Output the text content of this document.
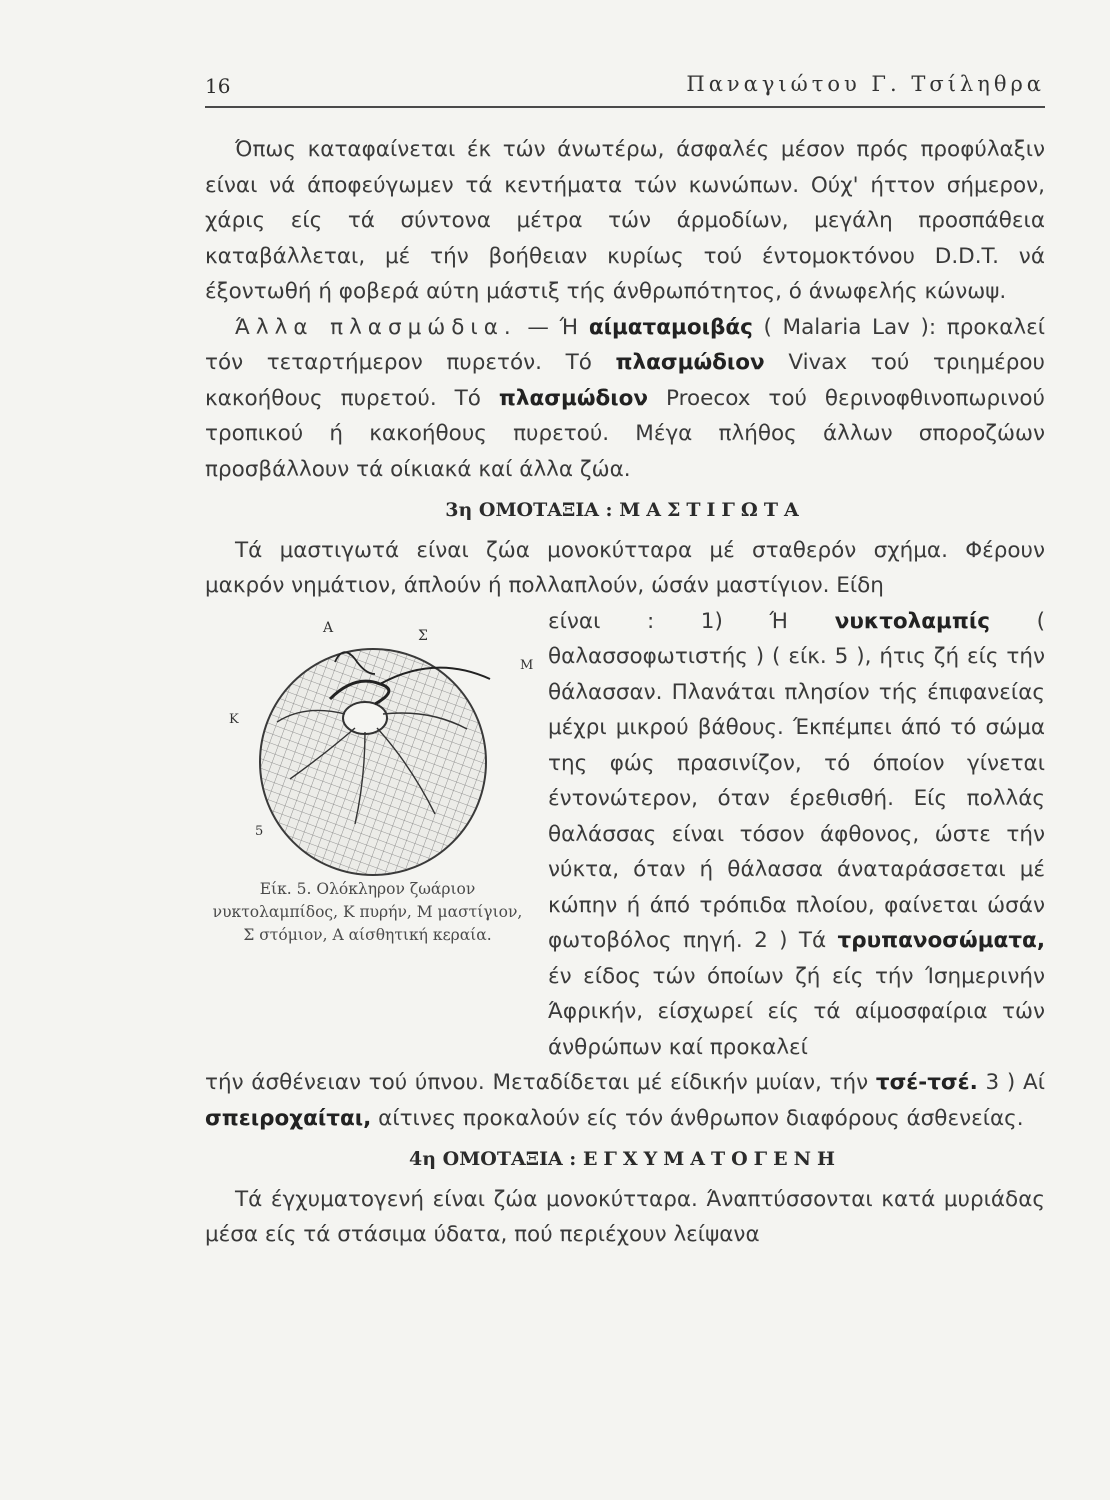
16	Παναγιώτου Γ. Τσίληθρα

Όπως καταφαίνεται έκ τών άνωτέρω, άσφαλές μέσον πρός προφύλαξιν είναι νά άποφεύγωμεν τά κεντήματα τών κωνώπων. Ούχ' ήττον σήμερον, χάρις είς τά σύντονα μέτρα τών άρμοδίων, μεγάλη προσπάθεια καταβάλλεται, μέ τήν βοήθειαν κυρίως τού έντομοκτόνου D.D.T. νά έξοντωθή ή φοβερά αύτη μάστιξ τής άνθρωπότητος, ό άνωφελής κώνωψ.

Άλλα πλασμώδια. — Ή αίματαμοιβάς ( Malaria Lav ): προκαλεί τόν τεταρτήμερον πυρετόν. Τό πλασμώδιον Vivax τού τριημέρου κακοήθους πυρετού. Τό πλασμώδιον Proecox τού θερινοφθινοπωρινού τροπικού ή κακοήθους πυρετού. Μέγα πλήθος άλλων σποροζώων προσβάλλουν τά οίκιακά καί άλλα ζώα.

3η ΟΜΟΤΑΞΙΑ : ΜΑΣΤΙΓΩΤΑ

Τά μαστιγωτά είναι ζώα μονοκύτταρα μέ σταθερόν σχήμα. Φέρουν μακρόν νημάτιον, άπλούν ή πολλαπλούν, ώσάν μαστίγιον. Είδη

Α	Σ
Μ
Κ
5
Είκ. 5. Ολόκληρον ζωάριον νυκτολαμπίδος, Κ πυρήν, Μ μαστίγιον, Σ στόμιον, Α αίσθητική κεραία.
είναι : 1) Ή νυκτολαμπίς ( θαλασσοφωτιστής ) ( είκ. 5 ), ήτις ζή είς τήν θάλασσαν. Πλανάται πλησίον τής έπιφανείας μέχρι μικρού βάθους. Έκπέμπει άπό τό σώμα της φώς πρασινίζον, τό όποίον γίνεται έντονώτερον, όταν έρεθισθή. Είς πολλάς θαλάσσας είναι τόσον άφθονος, ώστε τήν νύκτα, όταν ή θάλασσα άναταράσσεται μέ κώπην ή άπό τρόπιδα πλοίου, φαίνεται ώσάν φωτοβόλος πηγή. 2 ) Τά τρυπανοσώματα, έν είδος τών όποίων ζή είς τήν Ίσημερινήν Άφρικήν, είσχωρεί είς τά αίμοσφαίρια τών άνθρώπων καί προκαλεί

τήν άσθένειαν τού ύπνου. Μεταδίδεται μέ είδικήν μυίαν, τήν τσέ-τσέ. 3 ) Αί σπειροχαίται, αίτινες προκαλούν είς τόν άνθρωπον διαφόρους άσθενείας.

4η ΟΜΟΤΑΞΙΑ : ΕΓΧΥΜΑΤΟΓΕΝΗ

Τά έγχυματογενή είναι ζώα μονοκύτταρα. Άναπτύσσονται κατά μυριάδας μέσα είς τά στάσιμα ύδατα, πού περιέχουν λείψανα
